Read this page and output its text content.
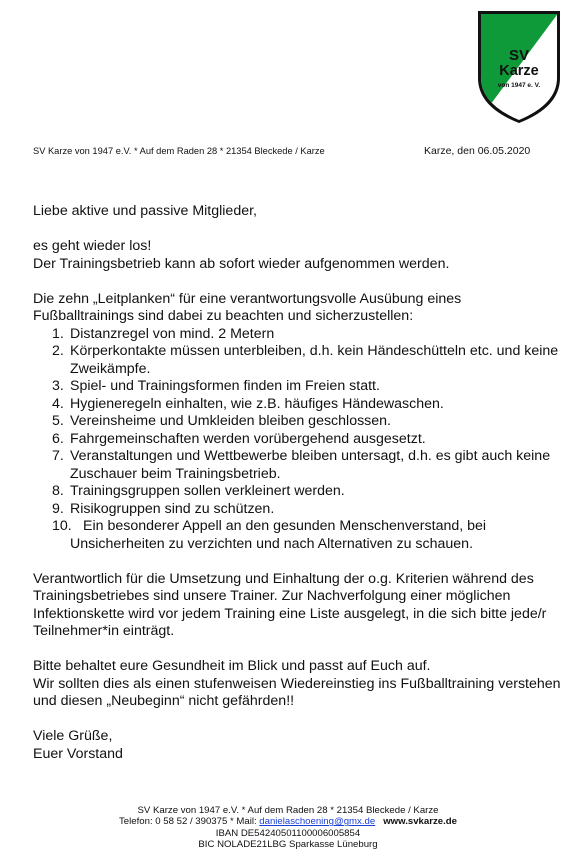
SV
Karze
von 1947 e. V.
SV Karze von 1947 e.V. * Auf dem Raden 28 * 21354 Bleckede / Karze	Karze, den 06.05.2020

Liebe aktive und passive Mitglieder,

es geht wieder los!

Der Trainingsbetrieb kann ab sofort wieder aufgenommen werden.

Die zehn „Leitplanken“ für eine verantwortungsvolle Ausübung eines Fußballtrainings sind dabei zu beachten und sicherzustellen:

1. Distanzregel von mind. 2 Metern
2. Körperkontakte müssen unterbleiben, d.h. kein Händeschütteln etc. und keine Zweikämpfe.
3. Spiel- und Trainingsformen finden im Freien statt.
4. Hygieneregeln einhalten, wie z.B. häufiges Händewaschen.
5. Vereinsheime und Umkleiden bleiben geschlossen.
6. Fahrgemeinschaften werden vorübergehend ausgesetzt.
7. Veranstaltungen und Wettbewerbe bleiben untersagt, d.h. es gibt auch keine Zuschauer beim Trainingsbetrieb.
8. Trainingsgruppen sollen verkleinert werden.
9. Risikogruppen sind zu schützen.
10. Ein besonderer Appell an den gesunden Menschenverstand, bei
Unsicherheiten zu verzichten und nach Alternativen zu schauen.

Verantwortlich für die Umsetzung und Einhaltung der o.g. Kriterien während des Trainingsbetriebes sind unsere Trainer. Zur Nachverfolgung einer möglichen Infektionskette wird vor jedem Training eine Liste ausgelegt, in die sich bitte jede/r Teilnehmer*in einträgt.

Bitte behaltet eure Gesundheit im Blick und passt auf Euch auf.

Wir sollten dies als einen stufenweisen Wiedereinstieg ins Fußballtraining verstehen und diesen „Neubeginn“ nicht gefährden!!

Viele Grüße,

Euer Vorstand

SV Karze von 1947 e.V. * Auf dem Raden 28 * 21354 Bleckede / Karze
Telefon: 0 58 52 / 390375 * Mail: danielaschoening@gmx.de www.svkarze.de
IBAN DE54240501100006005854
BIC NOLADE21LBG Sparkasse Lüneburg
